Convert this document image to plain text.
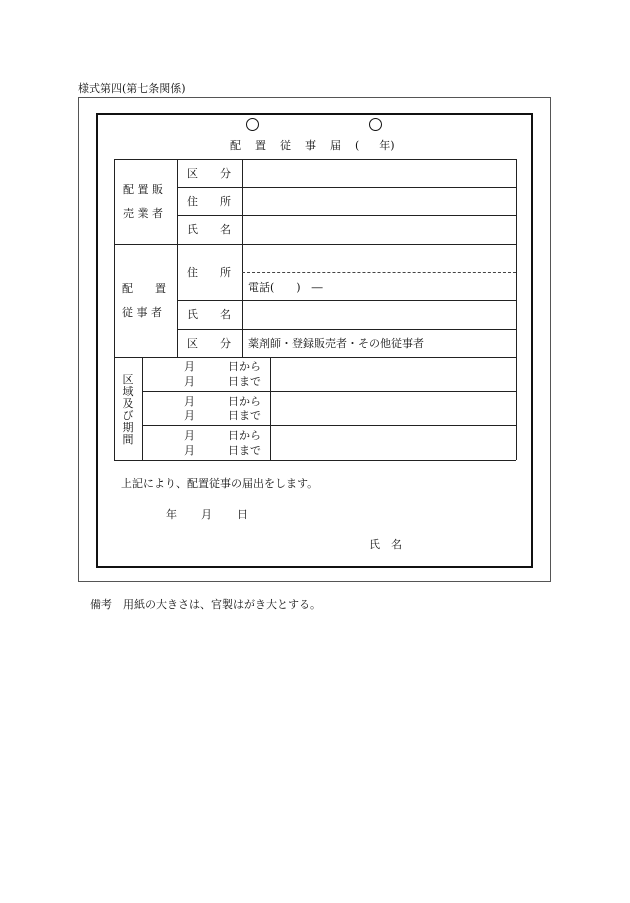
様式第四(第七条関係)
配 置 従 事 届 ( 年)
配 置 販
売 業 者
区　　分
住　　所
氏　　名
配　　置
従 事 者
住　　所
電話(　　)　―
氏　　名
区　　分 薬剤師・登録販売者・その他従事者
区
域
及
び
期
間
月　　　日から
月　　　日まで
月　　　日から
月　　　日まで
月　　　日から
月　　　日まで
上記により、配置従事の届出をします。
年 月 日
氏　名
備考　用紙の大きさは、官製はがき大とする。
